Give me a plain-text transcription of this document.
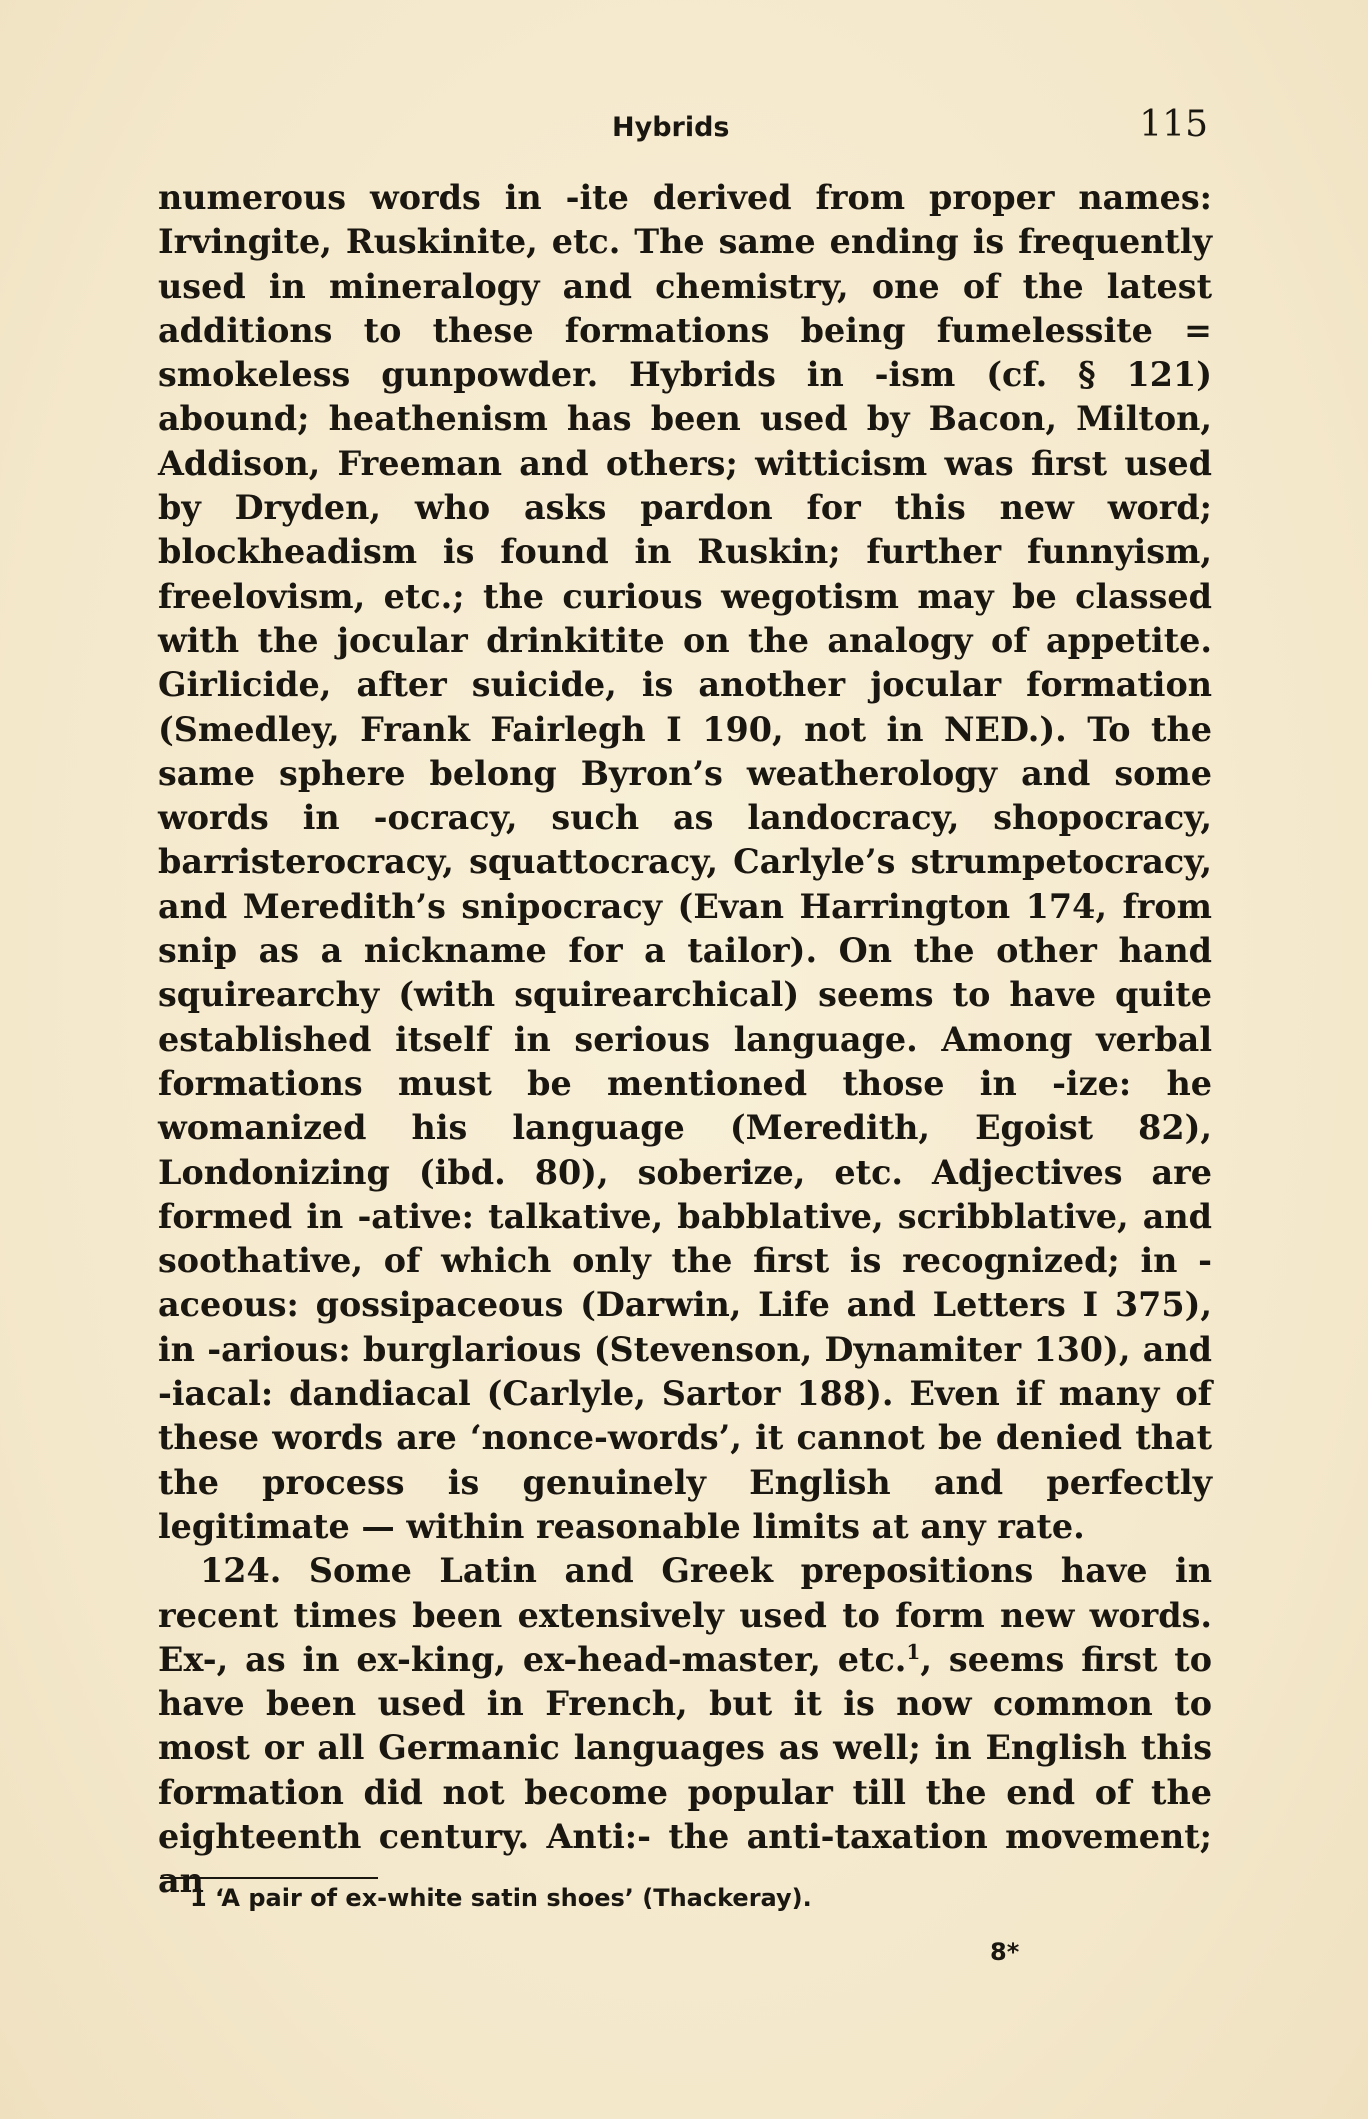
Hybrids	115

numerous words in -ite derived from proper names: Irvingite, Ruskinite, etc. The same ending is frequently used in mineralogy and chemistry, one of the latest additions to these formations being fumelessite = smokeless gunpowder. Hybrids in -ism (cf. § 121) abound; heathenism has been used by Bacon, Milton, Addison, Freeman and others; witticism was first used by Dryden, who asks pardon for this new word; blockheadism is found in Ruskin; further funnyism, freelovism, etc.; the curious wegotism may be classed with the jocular drinkitite on the analogy of appetite. Girlicide, after suicide, is another jocular formation (Smedley, Frank Fairlegh I 190, not in NED.). To the same sphere belong Byron’s weatherology and some words in -ocracy, such as landocracy, shopocracy, barristerocracy, squattocracy, Carlyle’s strumpetocracy, and Meredith’s snipocracy (Evan Harrington 174, from snip as a nickname for a tailor). On the other hand squirearchy (with squirearchical) seems to have quite established itself in serious language. Among verbal formations must be mentioned those in -ize: he womanized his language (Meredith, Egoist 82), Londonizing (ibd. 80), soberize, etc. Adjectives are formed in -ative: talkative, babblative, scribblative, and soothative, of which only the first is recognized; in -aceous: gossipaceous (Darwin, Life and Letters I 375), in -arious: burglarious (Stevenson, Dynamiter 130), and -iacal: dandiacal (Carlyle, Sartor 188). Even if many of these words are ‘nonce-words’, it cannot be denied that the process is genuinely English and perfectly legitimate — within reasonable limits at any rate.

124. Some Latin and Greek prepositions have in recent times been extensively used to form new words. Ex-, as in ex-king, ex-head-master, etc.$^1$, seems first to have been used in French, but it is now common to most or all Germanic languages as well; in English this formation did not become popular till the end of the eighteenth century. Anti:- the anti-taxation movement; an

1 ‘A pair of ex-white satin shoes’ (Thackeray).
8*
